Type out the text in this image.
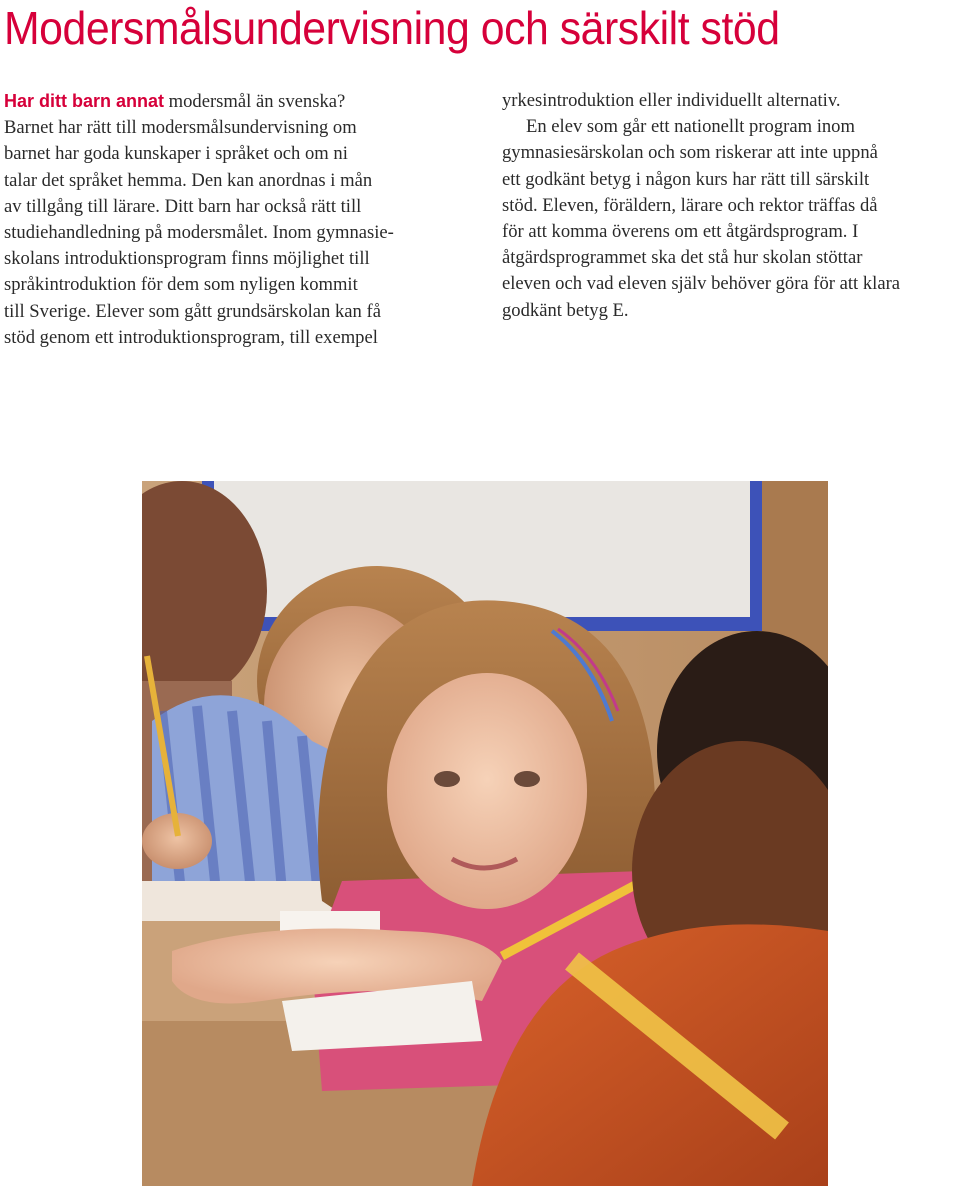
Modersmålsundervisning och särskilt stöd
Har ditt barn annat modersmål än svenska?
Barnet har rätt till modersmålsundervisning om
barnet har goda kunskaper i språket och om ni
talar det språket hemma. Den kan anordnas i mån
av tillgång till lärare. Ditt barn har också rätt till
studiehandledning på modersmålet. Inom gymnasie-
skolans introduktionsprogram finns möjlighet till
språkintroduktion för dem som nyligen kommit
till Sverige. Elever som gått grundsärskolan kan få
stöd genom ett introduktionsprogram, till exempel
yrkesintroduktion eller individuellt alternativ.
En elev som går ett nationellt program inom
gymnasiesärskolan och som riskerar att inte uppnå
ett godkänt betyg i någon kurs har rätt till särskilt
stöd. Eleven, föräldern, lärare och rektor träffas då
för att komma överens om ett åtgärdsprogram. I
åtgärdsprogrammet ska det stå hur skolan stöttar
eleven och vad eleven själv behöver göra för att klara
godkänt betyg E.
